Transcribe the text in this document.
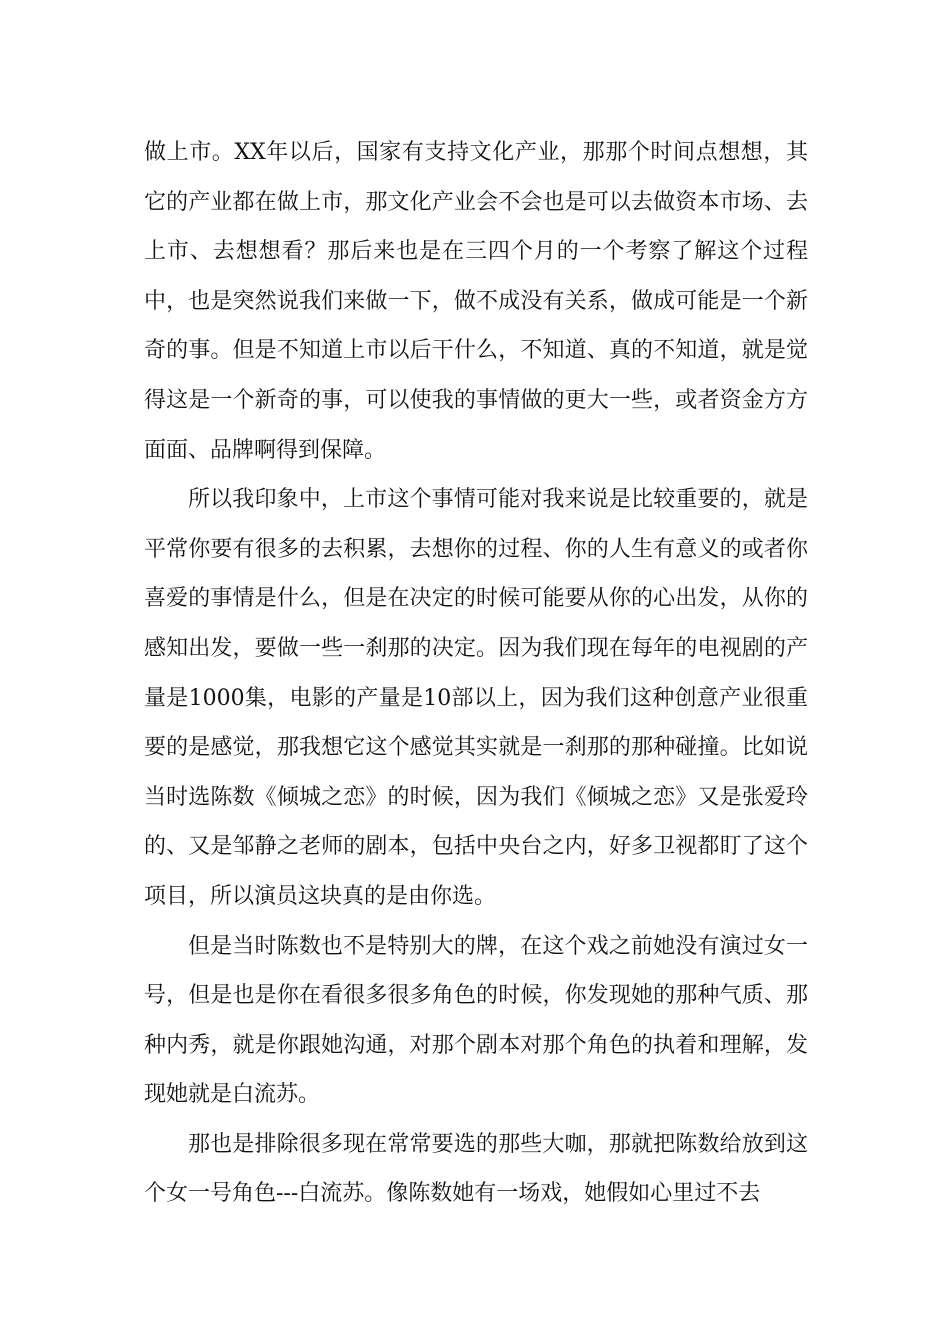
做上市。XX年以后，国家有支持文化产业，那那个时间点想想，其它的产业都在做上市，那文化产业会不会也是可以去做资本市场、去上市、去想想看？那后来也是在三四个月的一个考察了解这个过程中，也是突然说我们来做一下，做不成没有关系，做成可能是一个新奇的事。但是不知道上市以后干什么，不知道、真的不知道，就是觉得这是一个新奇的事，可以使我的事情做的更大一些，或者资金方方面面、品牌啊得到保障。

所以我印象中，上市这个事情可能对我来说是比较重要的，就是平常你要有很多的去积累，去想你的过程、你的人生有意义的或者你喜爱的事情是什么，但是在决定的时候可能要从你的心出发，从你的感知出发，要做一些一刹那的决定。因为我们现在每年的电视剧的产量是1000集，电影的产量是10部以上，因为我们这种创意产业很重要的是感觉，那我想它这个感觉其实就是一刹那的那种碰撞。比如说当时选陈数《倾城之恋》的时候，因为我们《倾城之恋》又是张爱玲的、又是邹静之老师的剧本，包括中央台之内，好多卫视都盯了这个项目，所以演员这块真的是由你选。

但是当时陈数也不是特别大的牌，在这个戏之前她没有演过女一号，但是也是你在看很多很多角色的时候，你发现她的那种气质、那种内秀，就是你跟她沟通，对那个剧本对那个角色的执着和理解，发现她就是白流苏。

那也是排除很多现在常常要选的那些大咖，那就把陈数给放到这个女一号角色---白流苏。像陈数她有一场戏，她假如心里过不去
